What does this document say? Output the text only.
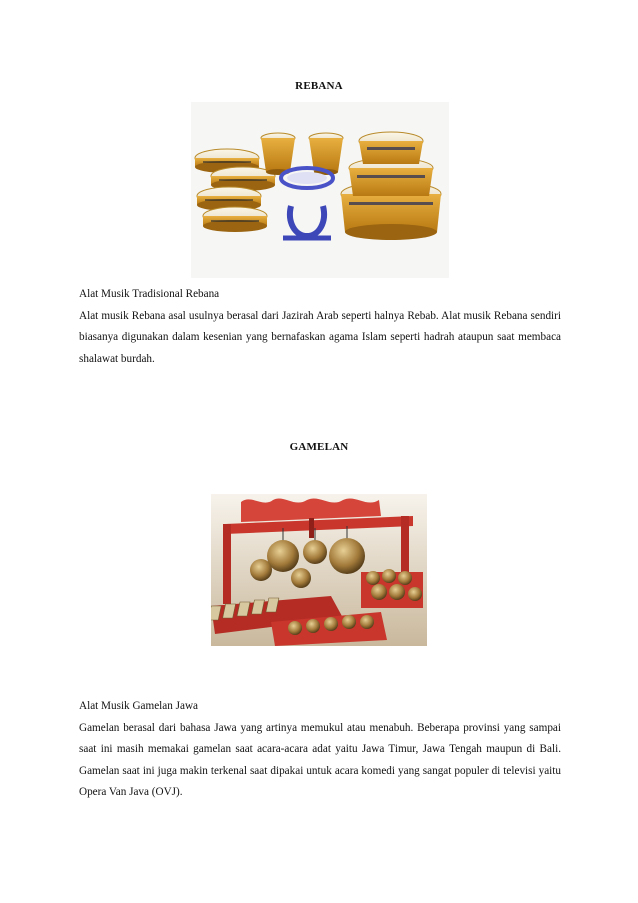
REBANA
Alat Musik Tradisional Rebana
Alat musik Rebana asal usulnya berasal dari Jazirah Arab seperti halnya Rebab. Alat musik Rebana sendiri biasanya digunakan dalam kesenian yang bernafaskan agama Islam seperti hadrah ataupun saat membaca shalawat burdah.
GAMELAN
Alat Musik Gamelan Jawa
Gamelan berasal dari bahasa Jawa yang artinya memukul atau menabuh. Beberapa provinsi yang sampai saat ini masih memakai gamelan saat acara-acara adat yaitu Jawa Timur, Jawa Tengah maupun di Bali. Gamelan saat ini juga makin terkenal saat dipakai untuk acara komedi yang sangat populer di televisi yaitu Opera Van Java (OVJ).
